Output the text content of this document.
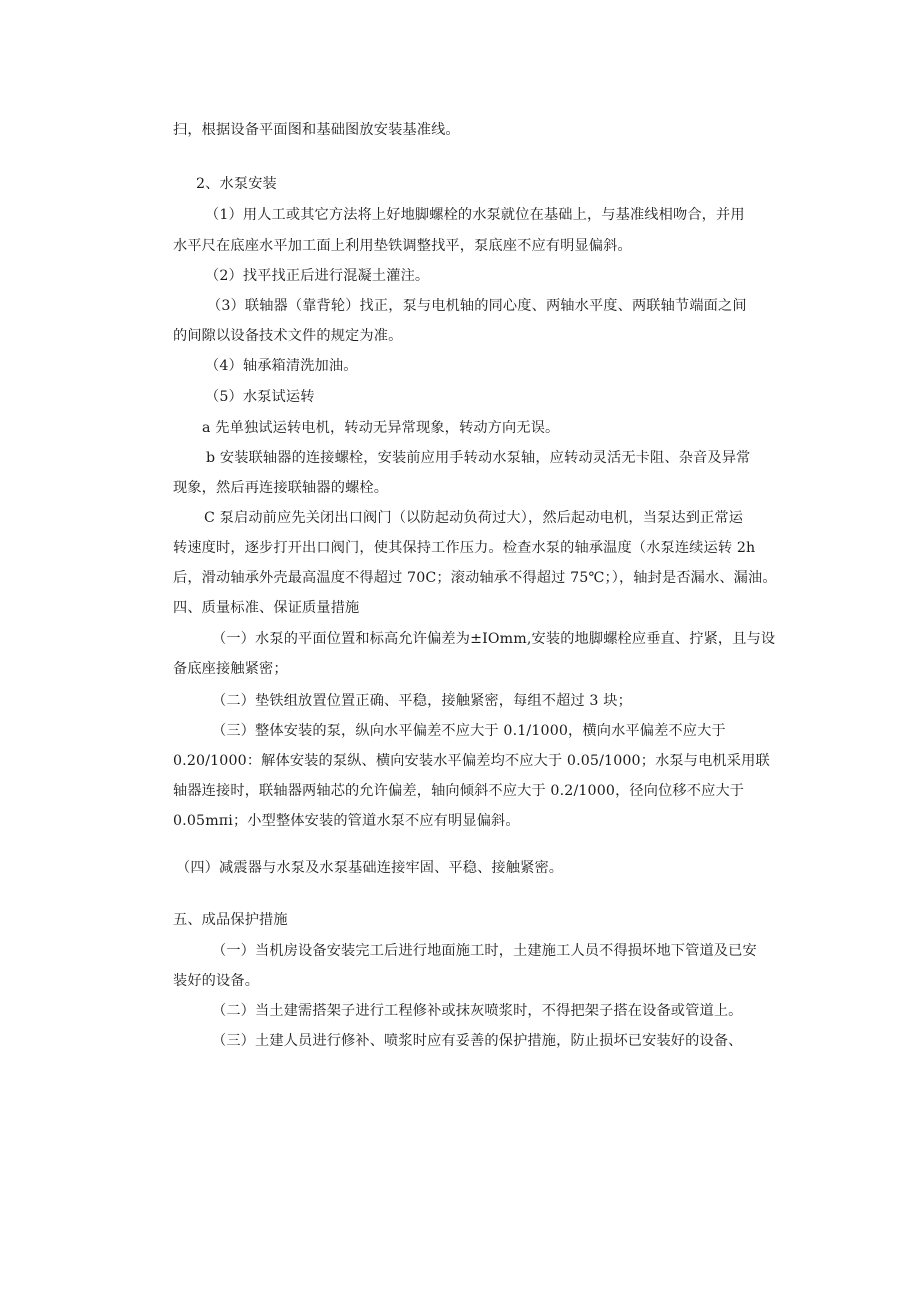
扫，根据设备平面图和基础图放安装基准线。
2、水泵安装
（1）用人工或其它方法将上好地脚螺栓的水泵就位在基础上，与基准线相吻合，并用
水平尺在底座水平加工面上利用垫铁调整找平，泵底座不应有明显偏斜。
（2）找平找正后进行混凝土灌注。
（3）联轴器（靠背轮）找正，泵与电机轴的同心度、两轴水平度、两联轴节端面之间
的间隙以设备技术文件的规定为准。
（4）轴承箱清洗加油。
（5）水泵试运转
a 先单独试运转电机，转动无异常现象，转动方向无误。
b 安装联轴器的连接螺栓，安装前应用手转动水泵轴，应转动灵活无卡阻、杂音及异常
现象，然后再连接联轴器的螺栓。
C 泵启动前应先关闭出口阀门（以防起动负荷过大），然后起动电机，当泵达到正常运
转速度时，逐步打开出口阀门，使其保持工作压力。检查水泵的轴承温度（水泵连续运转 2h
后，滑动轴承外壳最高温度不得超过 70C；滚动轴承不得超过 75℃；），轴封是否漏水、漏油。
四、质量标准、保证质量措施
（一）水泵的平面位置和标高允许偏差为±IOmm,安装的地脚螺栓应垂直、拧紧，且与设
备底座接触紧密；
（二）垫铁组放置位置正确、平稳，接触紧密，每组不超过 3 块；
（三）整体安装的泵，纵向水平偏差不应大于 0.1/1000，横向水平偏差不应大于
0.20/1000：解体安装的泵纵、横向安装水平偏差均不应大于 0.05/1000；水泵与电机采用联
轴器连接时，联轴器两轴芯的允许偏差，轴向倾斜不应大于 0.2/1000，径向位移不应大于
0.05mπi；小型整体安装的管道水泵不应有明显偏斜。
（四）减震器与水泵及水泵基础连接牢固、平稳、接触紧密。
五、成品保护措施
（一）当机房设备安装完工后进行地面施工时，土建施工人员不得损坏地下管道及已安
装好的设备。
（二）当土建需搭架子进行工程修补或抹灰喷浆时，不得把架子搭在设备或管道上。
（三）土建人员进行修补、喷浆时应有妥善的保护措施，防止损坏已安装好的设备、
